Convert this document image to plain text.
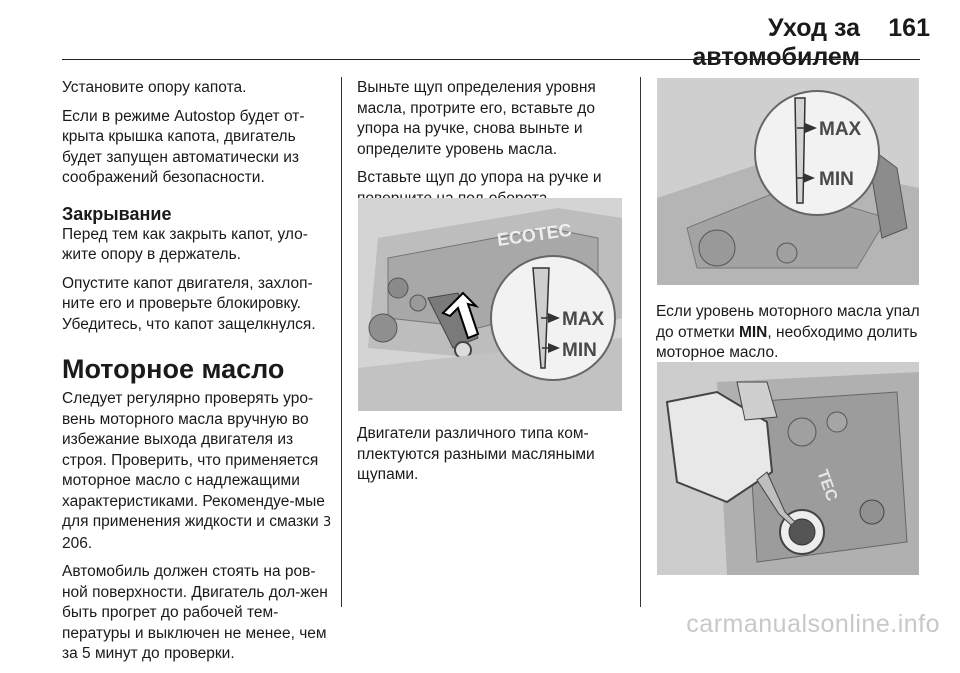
Уход за автомобилем
161

Установите опору капота.

Если в режиме Autostop будет от-крыта крышка капота, двигатель будет запущен автоматически из соображений безопасности.

Закрывание

Перед тем как закрыть капот, уло-жите опору в держатель.

Опустите капот двигателя, захлоп-ните его и проверьте блокировку. Убедитесь, что капот защелкнулся.

Моторное масло

Следует регулярно проверять уро-вень моторного масла вручную во избежание выхода двигателя из строя. Проверить, что применяется моторное масло с надлежащими характеристиками. Рекомендуе-мые для применения жидкости и смазки 3 206.

Автомобиль должен стоять на ров-ной поверхности. Двигатель дол-жен быть прогрет до рабочей тем-пературы и выключен не менее, чем за 5 минут до проверки.

Выньте щуп определения уровня масла, протрите его, вставьте до упора на ручке, снова выньте и определите уровень масла.

Вставьте щуп до упора на ручке и

ECOTEC
MAX
MIN

Двигатели различного типа ком-плектуются разными масляными щупами.

MAX
MIN

Если уровень моторного масла упал до отметки MIN, необходимо долить моторное масло.

TEC
carmanualsonline.info
